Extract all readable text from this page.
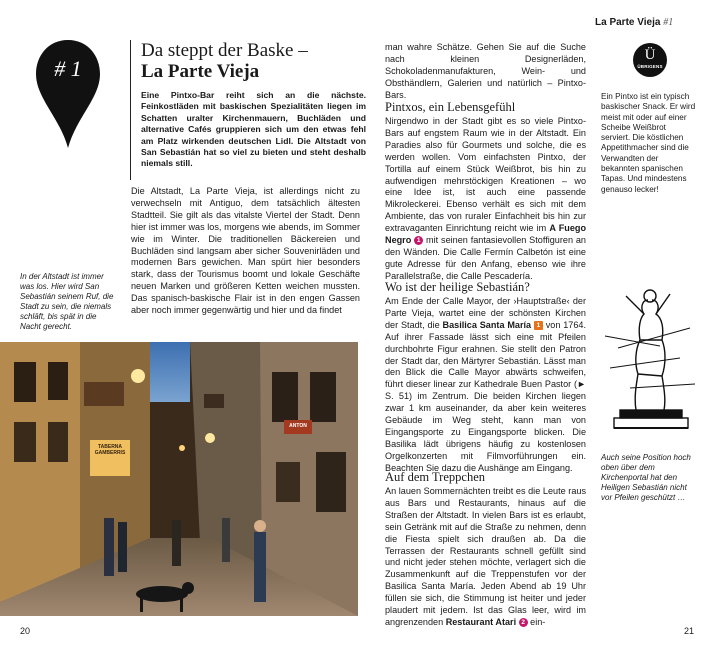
# 1
Da steppt der Baske –
La Parte Vieja
Eine Pintxo-Bar reiht sich an die nächste. Feinkostläden mit baskischen Spezialitäten liegen im Schatten uralter Kirchenmauern, Buchläden und alternative Cafés gruppieren sich um den etwas fehl am Platz wirkenden deutschen Lidl. Die Altstadt von San Sebastián hat so viel zu bieten und steht deshalb niemals still.
Die Altstadt, La Parte Vieja, ist allerdings nicht zu verwechseln mit Antiguo, dem tatsächlich ältesten Stadtteil. Sie gilt als das vitalste Viertel der Stadt. Denn hier ist immer was los, morgens wie abends, im Sommer wie im Winter. Die traditionellen Bäckereien und Buchläden sind langsam aber sicher Souvenirläden und modernen Bars gewichen. Man spürt hier besonders stark, dass der Tourismus boomt und lokale Geschäfte neuen Marken und größeren Ketten weichen mussten. Das spanisch-baskische Flair ist in den engen Gassen aber noch immer gegenwärtig und hier und da findet
In der Altstadt ist immer was los. Hier wird San Sebastián seinem Ruf, die Stadt zu sein, die niemals schläft, bis spät in die Nacht gerecht.
TABERNA GAMBERRIS
ANTON
20
man wahre Schätze. Gehen Sie auf die Suche nach kleinen Designerläden, Schokoladenmanufakturen, Wein- und Obsthändlern, Galerien und natürlich – Pintxo-Bars.
Pintxos, ein Lebensgefühl
Nirgendwo in der Stadt gibt es so viele Pintxo-Bars auf engstem Raum wie in der Altstadt. Ein Paradies also für Gourmets und solche, die es werden wollen. Vom einfachsten Pintxo, der Tortilla auf einem Stück Weißbrot, bis hin zu aufwendigen mehrstöckigen Kreationen – wo eine Idee ist, ist auch eine passende Mikroleckerei. Ebenso verhält es sich mit dem Ambiente, das von ruraler Einfachheit bis hin zur extravaganten Einrichtung reicht wie im A Fuego Negro 1 mit seinen fantasievollen Stoffiguren an den Wänden. Die Calle Fermín Calbetón ist eine gute Adresse für den Anfang, ebenso wie ihre Parallelstraße, die Calle Pescadería.
Wo ist der heilige Sebastián?
Am Ende der Calle Mayor, der ›Hauptstraße‹ der Parte Vieja, wartet eine der schönsten Kirchen der Stadt, die Basilica Santa María 1 von 1764. Auf ihrer Fassade lässt sich eine mit Pfeilen durchbohrte Figur erahnen. Sie stellt den Patron der Stadt dar, den Märtyrer Sebastián. Lässt man den Blick die Calle Mayor abwärts schweifen, führt dieser linear zur Kathedrale Buen Pastor (► S. 51) im Zentrum. Die beiden Kirchen liegen zwar 1 km auseinander, da aber kein weiteres Gebäude im Weg steht, kann man von Eingangsporte zu Eingangsporte blicken. Die Basilika lädt übrigens häufig zu kostenlosen Orgelkonzerten mit Filmvorführungen ein. Beachten Sie dazu die Aushänge am Eingang.
Auf dem Treppchen
An lauen Sommernächten treibt es die Leute raus aus Bars und Restaurants, hinaus auf die Straßen der Altstadt. In vielen Bars ist es erlaubt, sein Getränk mit auf die Straße zu nehmen, denn die Fiesta spielt sich draußen ab. Da die Terrassen der Restaurants schnell gefüllt sind und nicht jeder stehen möchte, verlagert sich die Zusammenkunft auf die Treppenstufen vor der Basilica Santa María. Jeden Abend ab 19 Uhr füllen sie sich, die Stimmung ist heiter und jeder plaudert mit jedem. Ist das Glas leer, wird im angrenzenden Restaurant Atari 2 ein-
La Parte Vieja #1
Ü
ÜBRIGENS
Ein Pintxo ist ein typisch baskischer Snack. Er wird meist mit oder auf einer Scheibe Weißbrot serviert. Die köstlichen Appetithmacher sind die Verwandten der bekannten spanischen Tapas. Und mindestens genauso lecker!
Auch seine Position hoch oben über dem Kirchenportal hat den Heiligen Sebastián nicht vor Pfeilen geschützt …
21
